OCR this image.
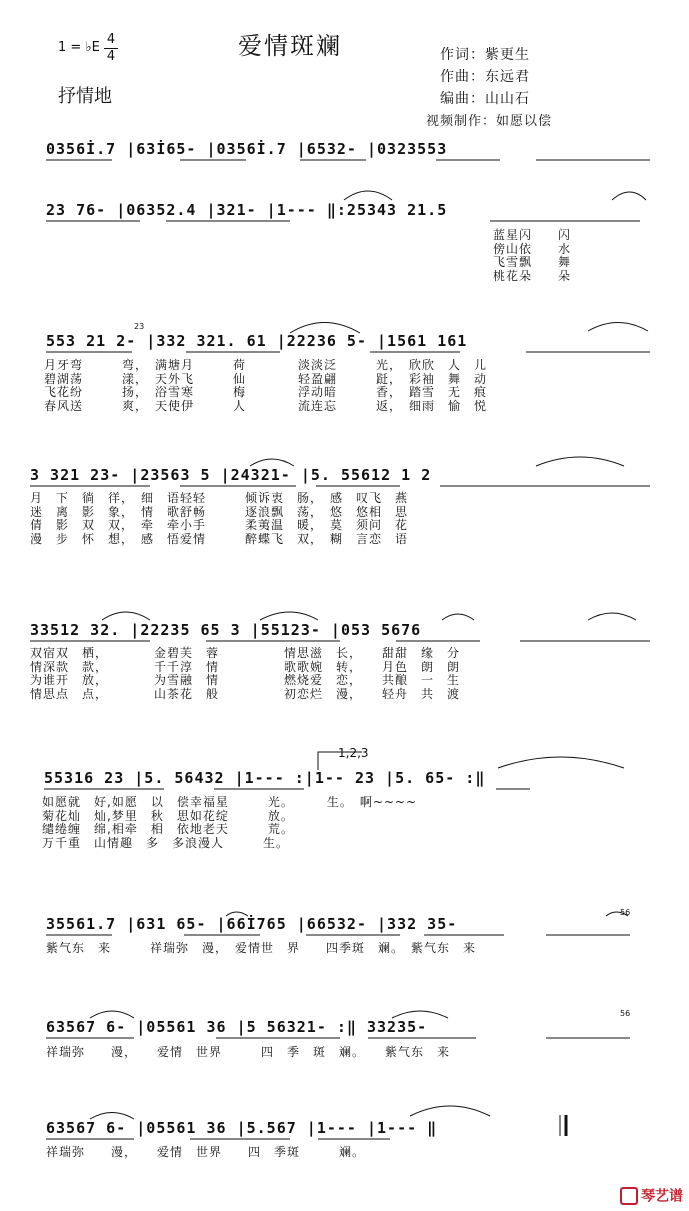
1 = ♭E
4
4	爱情斑斓
抒情地
作词：紫更生
作曲：东远君
编曲：山山石
视频制作：如愿以偿
0356İ.7 |63İ65- |0356İ.7 |6532- |0323553
23 76- |06352.4 |321- |1--- ‖:25343 21.5
蓝星闪　　闪
傍山依　　水
飞雪飘　　舞
桃花朵　　朵
23
553 21 2- |332 321. 61 |22236 5- |1561 161
月牙弯　　　弯，　满塘月　　　荷　　　　淡淡泛　　　光，　欣欣　人　儿
碧湖荡　　　漾，　天外飞　　　仙　　　　轻盈翩　　　跹，　彩袖　舞　动
飞花纷　　　扬，　浴雪寒　　　梅　　　　浮动暗　　　香，　踏雪　无　痕
春风送　　　爽，　天使伊　　　人　　　　流连忘　　　返，　细雨　愉　悦
3 321 23- |23563 5 |24321- |5. 55612 1 2
月　下　徜　徉，　细　语轻轻　　　倾诉衷　肠，　感　叹飞　燕
迷　离　影　象，　情　歌舒畅　　　逐浪飘　荡，　悠　悠相　思
倩　影　双　双，　牵　牵小手　　　柔荑温　暖，　莫　须问　花
漫　步　怀　想，　感　悟爱情　　　醉蝶飞　双，　糊　言恋　语
33512 32. |22235 65 3 |55123- |053 5676
双宿双　栖，　　　　金碧芙　蓉　　　　　情思滋　长，　　甜甜　缘　分
情深款　款，　　　　千千淳　情　　　　　歌歌婉　转，　　月色　朗　朗
为谁开　放，　　　　为雪融　情　　　　　燃烧爱　恋，　　共酿　一　生
情思点　点，　　　　山茶花　般　　　　　初恋烂　漫，　　轻舟　共　渡
1,2,3
55316 23 |5. 56432 |1--- :|1-- 23 |5. 65- :‖
如愿就　好,如愿　以　偿幸福星　　　光。　　　生。　啊~~~~
菊花灿　灿,梦里　秋　思如花绽　　　放。
缱绻缠　绵,相牵　相　依地老天　　　荒。
万千重　山情趣　多　多浪漫人　　　生。
56
35561.7 |631 65- |66İ765 |66532- |332 35-
紫气东　来　　　祥瑞弥　漫，　爱情世　界　　四季斑　斓。　紫气东　来
56
63567 6- |05561 36 |5 56321- :‖ 33235-
祥瑞弥　　漫，　　爱情　世界　　　四　季　斑　斓。　　紫气东　来
63567 6- |05561 36 |5.567 |1--- |1--- ‖
祥瑞弥　　漫，　　爱情　世界　　四　季斑　　　斓。
琴艺谱
